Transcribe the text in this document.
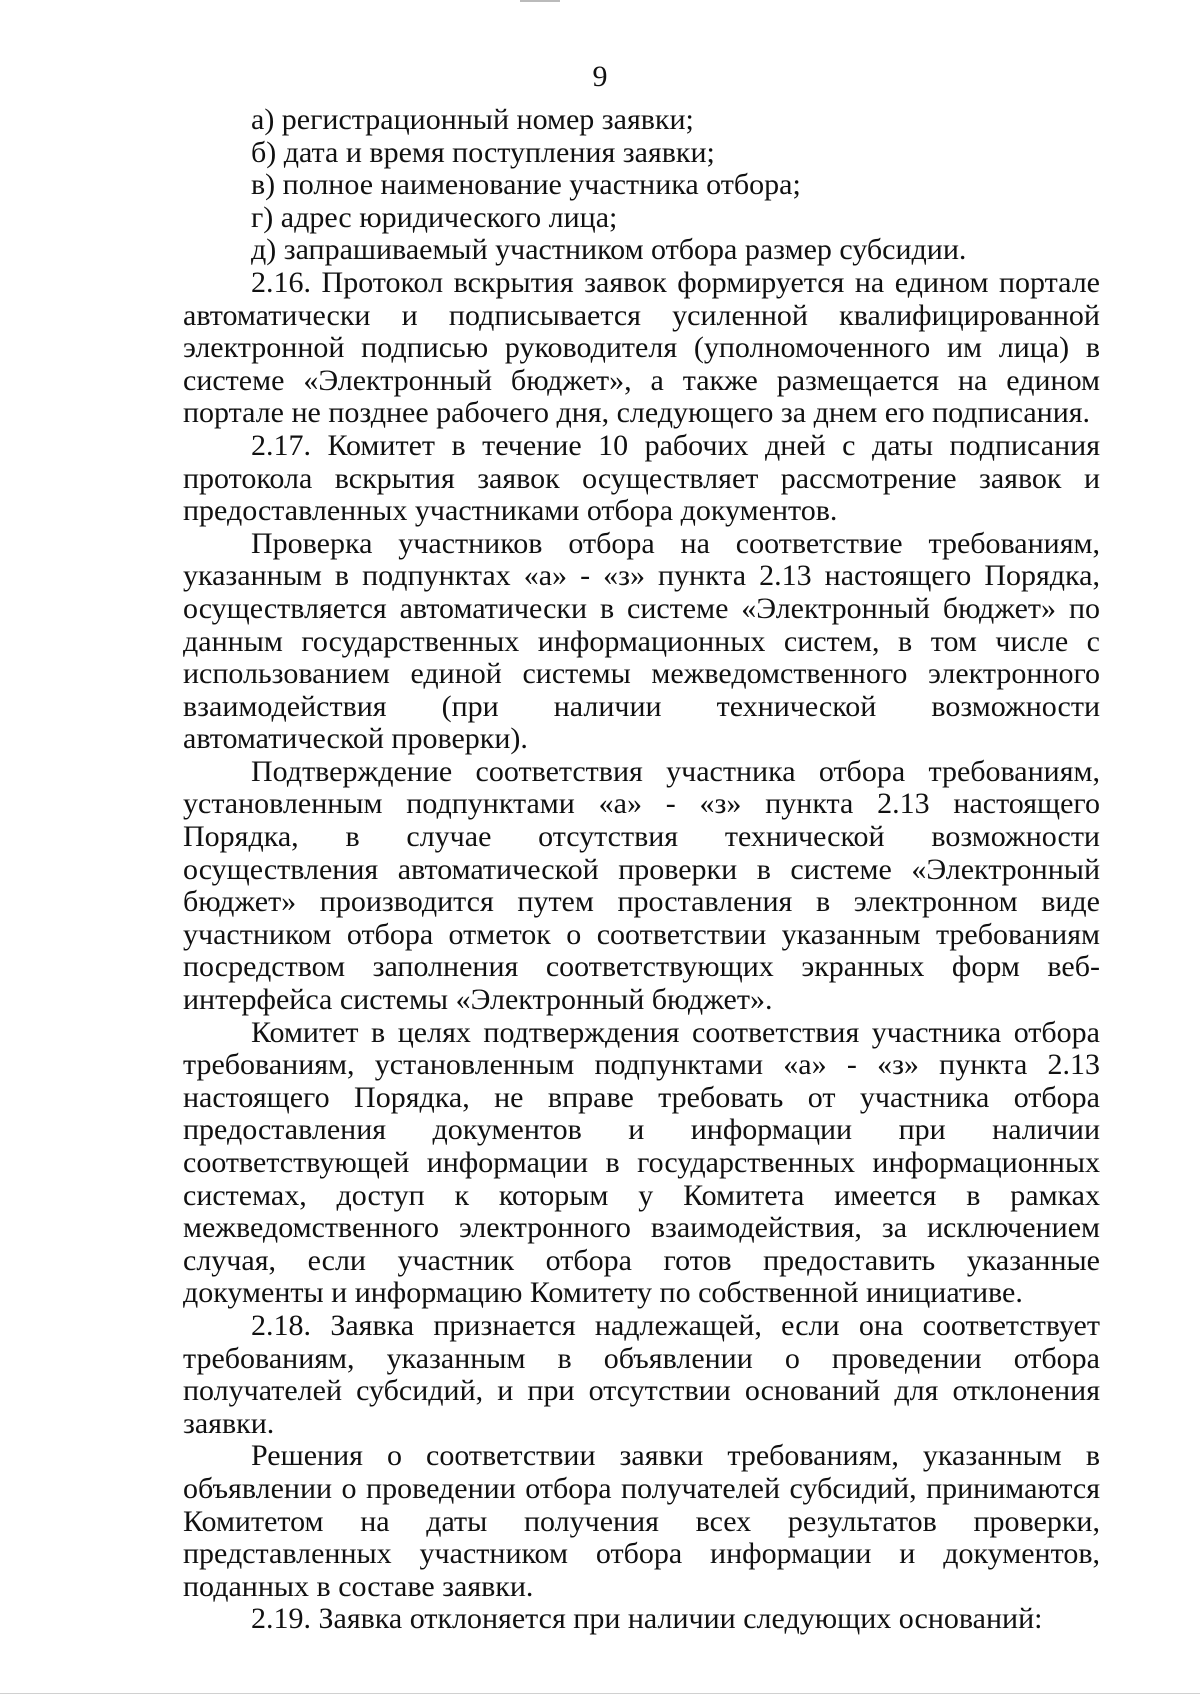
9

а) регистрационный номер заявки;

б) дата и время поступления заявки;

в) полное наименование участника отбора;

г) адрес юридического лица;

д) запрашиваемый участником отбора размер субсидии.

2.16. Протокол вскрытия заявок формируется на едином портале автоматически и подписывается усиленной квалифицированной электронной подписью руководителя (уполномоченного им лица) в системе «Электронный бюджет», а также размещается на едином портале не позднее рабочего дня, следующего за днем его подписания.

2.17. Комитет в течение 10 рабочих дней с даты подписания протокола вскрытия заявок осуществляет рассмотрение заявок и предоставленных участниками отбора документов.

Проверка участников отбора на соответствие требованиям, указанным в подпунктах «а» - «з» пункта 2.13 настоящего Порядка, осуществляется автоматически в системе «Электронный бюджет» по данным государственных информационных систем, в том числе с использованием единой системы межведомственного электронного взаимодействия (при наличии технической возможности автоматической проверки).

Подтверждение соответствия участника отбора требованиям, установленным подпунктами «а» - «з» пункта 2.13 настоящего Порядка, в случае отсутствия технической возможности осуществления автоматической проверки в системе «Электронный бюджет» производится путем проставления в электронном виде участником отбора отметок о соответствии указанным требованиям посредством заполнения соответствующих экранных форм веб-интерфейса системы «Электронный бюджет».

Комитет в целях подтверждения соответствия участника отбора требованиям, установленным подпунктами «а» - «з» пункта 2.13 настоящего Порядка, не вправе требовать от участника отбора предоставления документов и информации при наличии соответствующей информации в государственных информационных системах, доступ к которым у Комитета имеется в рамках межведомственного электронного взаимодействия, за исключением случая, если участник отбора готов предоставить указанные документы и информацию Комитету по собственной инициативе.

2.18. Заявка признается надлежащей, если она соответствует требованиям, указанным в объявлении о проведении отбора получателей субсидий, и при отсутствии оснований для отклонения заявки.

Решения о соответствии заявки требованиям, указанным в объявлении о проведении отбора получателей субсидий, принимаются Комитетом на даты получения всех результатов проверки, представленных участником отбора информации и документов, поданных в составе заявки.

2.19. Заявка отклоняется при наличии следующих оснований:
